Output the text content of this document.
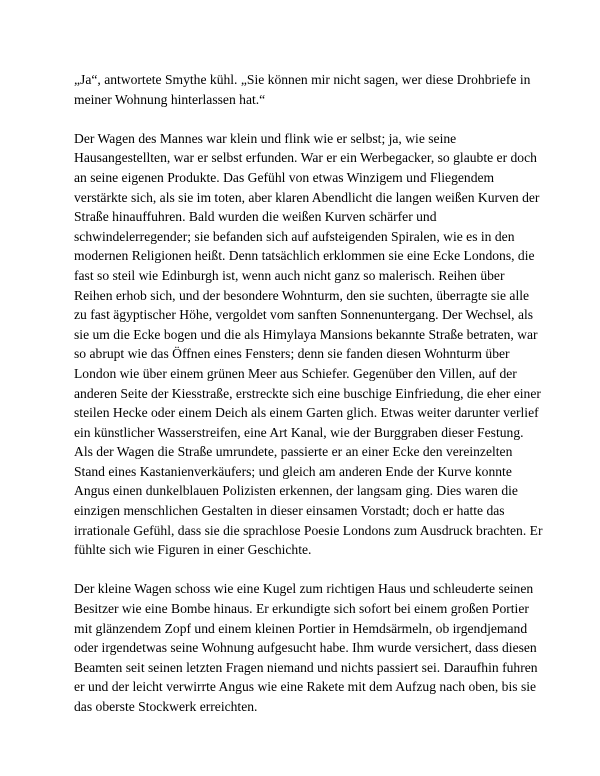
„Ja“, antwortete Smythe kühl. „Sie können mir nicht sagen, wer diese Drohbriefe in meiner Wohnung hinterlassen hat.“

Der Wagen des Mannes war klein und flink wie er selbst; ja, wie seine Hausangestellten, war er selbst erfunden. War er ein Werbegacker, so glaubte er doch an seine eigenen Produkte. Das Gefühl von etwas Winzigem und Fliegendem verstärkte sich, als sie im toten, aber klaren Abendlicht die langen weißen Kurven der Straße hinauffuhren. Bald wurden die weißen Kurven schärfer und schwindelerregender; sie befanden sich auf aufsteigenden Spiralen, wie es in den modernen Religionen heißt. Denn tatsächlich erklommen sie eine Ecke Londons, die fast so steil wie Edinburgh ist, wenn auch nicht ganz so malerisch. Reihen über Reihen erhob sich, und der besondere Wohnturm, den sie suchten, überragte sie alle zu fast ägyptischer Höhe, vergoldet vom sanften Sonnenuntergang. Der Wechsel, als sie um die Ecke bogen und die als Himylaya Mansions bekannte Straße betraten, war so abrupt wie das Öffnen eines Fensters; denn sie fanden diesen Wohnturm über London wie über einem grünen Meer aus Schiefer. Gegenüber den Villen, auf der anderen Seite der Kiesstraße, erstreckte sich eine buschige Einfriedung, die eher einer steilen Hecke oder einem Deich als einem Garten glich. Etwas weiter darunter verlief ein künstlicher Wasserstreifen, eine Art Kanal, wie der Burggraben dieser Festung. Als der Wagen die Straße umrundete, passierte er an einer Ecke den vereinzelten Stand eines Kastanienverkäufers; und gleich am anderen Ende der Kurve konnte Angus einen dunkelblauen Polizisten erkennen, der langsam ging. Dies waren die einzigen menschlichen Gestalten in dieser einsamen Vorstadt; doch er hatte das irrationale Gefühl, dass sie die sprachlose Poesie Londons zum Ausdruck brachten. Er fühlte sich wie Figuren in einer Geschichte.

Der kleine Wagen schoss wie eine Kugel zum richtigen Haus und schleuderte seinen Besitzer wie eine Bombe hinaus. Er erkundigte sich sofort bei einem großen Portier mit glänzendem Zopf und einem kleinen Portier in Hemdsärmeln, ob irgendjemand oder irgendetwas seine Wohnung aufgesucht habe. Ihm wurde versichert, dass diesen Beamten seit seinen letzten Fragen niemand und nichts passiert sei. Daraufhin fuhren er und der leicht verwirrte Angus wie eine Rakete mit dem Aufzug nach oben, bis sie das oberste Stockwerk erreichten.
